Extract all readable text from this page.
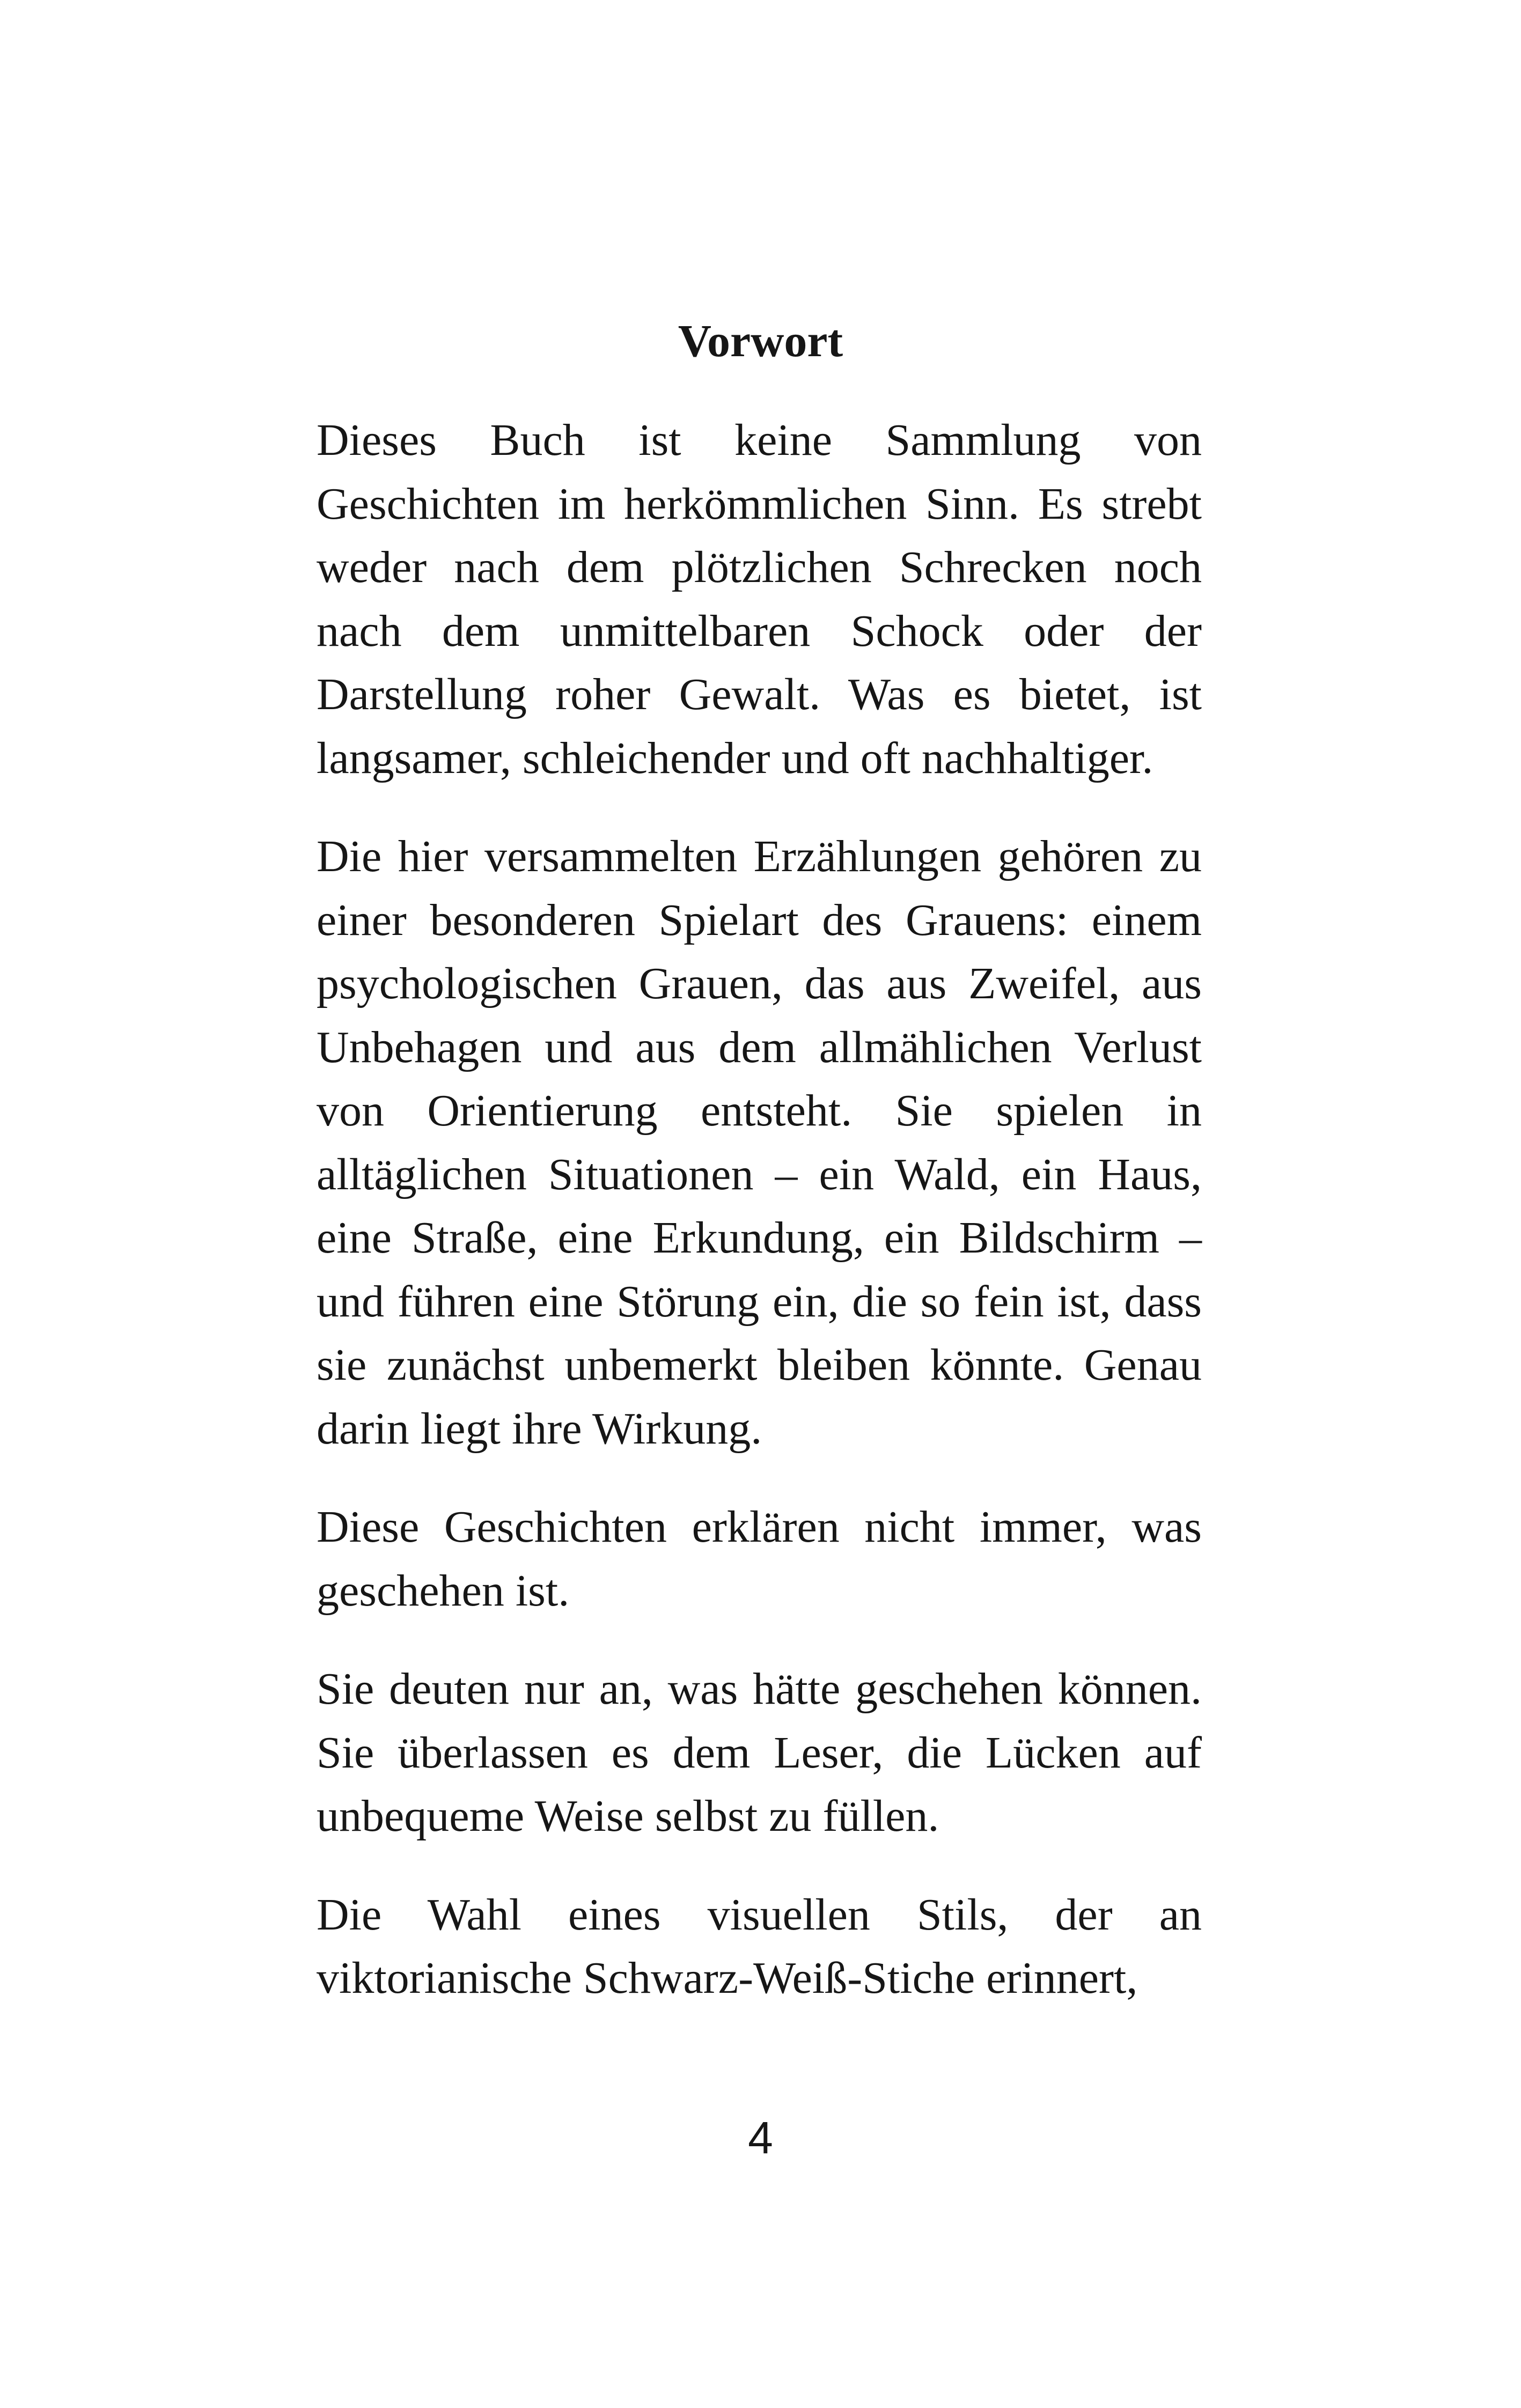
Vorwort

Dieses Buch ist keine Sammlung von Geschichten im herkömmlichen Sinn. Es strebt weder nach dem plötzlichen Schrecken noch nach dem unmittelbaren Schock oder der Darstellung roher Gewalt. Was es bietet, ist langsamer, schleichender und oft nachhaltiger.

Die hier versammelten Erzählungen gehören zu einer besonderen Spielart des Grauens: einem psychologischen Grauen, das aus Zweifel, aus Unbehagen und aus dem allmählichen Verlust von Orientierung entsteht. Sie spielen in alltäglichen Situationen – ein Wald, ein Haus, eine Straße, eine Erkundung, ein Bildschirm – und führen eine Störung ein, die so fein ist, dass sie zunächst unbemerkt bleiben könnte. Genau darin liegt ihre Wirkung.

Diese Geschichten erklären nicht immer, was geschehen ist.

Sie deuten nur an, was hätte geschehen können. Sie überlassen es dem Leser, die Lücken auf unbequeme Weise selbst zu füllen.

Die Wahl eines visuellen Stils, der an viktorianische Schwarz-Weiß-Stiche erinnert,

4
